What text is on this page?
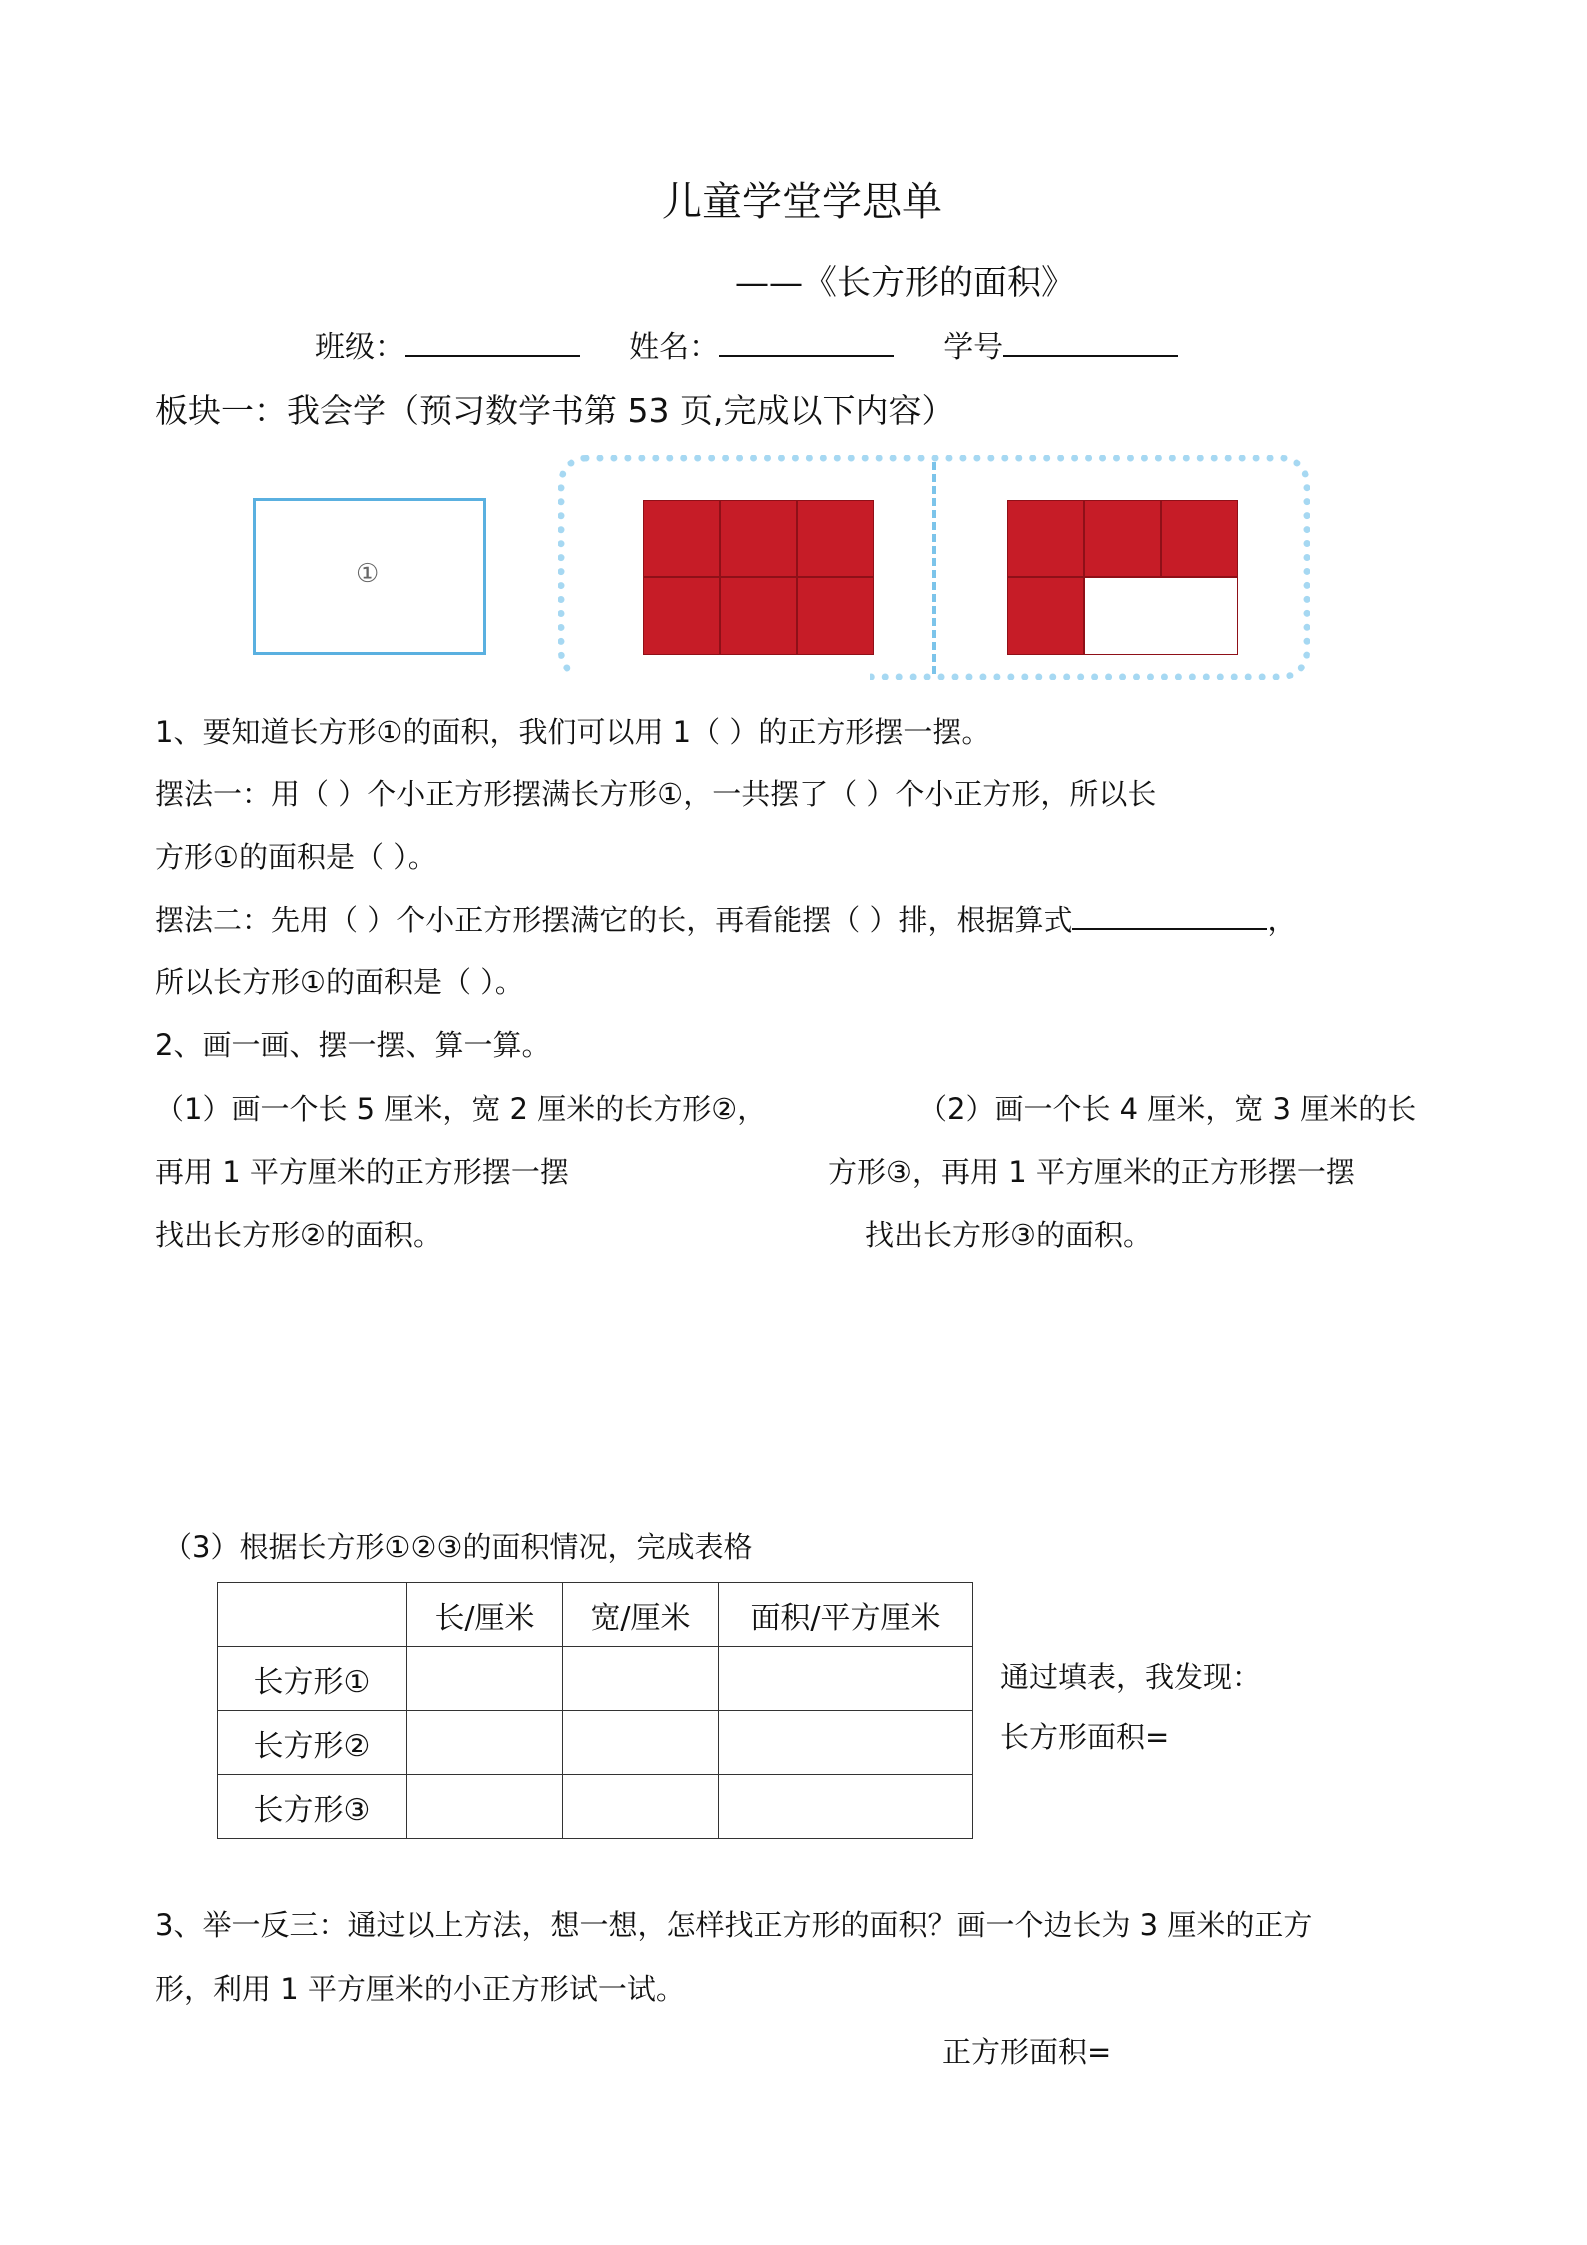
儿童学堂学思单
——《长方形的面积》
班级：	姓名：	学号
板块一：我会学（预习数学书第 53 页,完成以下内容）
①
1、要知道长方形①的面积，我们可以用 1（ ）的正方形摆一摆。
摆法一：用（ ）个小正方形摆满长方形①，一共摆了（ ）个小正方形，所以长
方形①的面积是（ ）。
摆法二：先用（ ）个小正方形摆满它的长，再看能摆（ ）排，根据算式	，
所以长方形①的面积是（ ）。
2、画一画、摆一摆、算一算。
（1）画一个长 5 厘米，宽 2 厘米的长方形②，
再用 1 平方厘米的正方形摆一摆
找出长方形②的面积。
（2）画一个长 4 厘米，宽 3 厘米的长
方形③，再用 1 平方厘米的正方形摆一摆
找出长方形③的面积。
（3）根据长方形①②③的面积情况，完成表格
	长/厘米	宽/厘米	面积/平方厘米
长方形①			
长方形②			
长方形③			
通过填表，我发现：
长方形面积=
3、举一反三：通过以上方法，想一想，怎样找正方形的面积？画一个边长为 3 厘米的正方
形，利用 1 平方厘米的小正方形试一试。
正方形面积=
